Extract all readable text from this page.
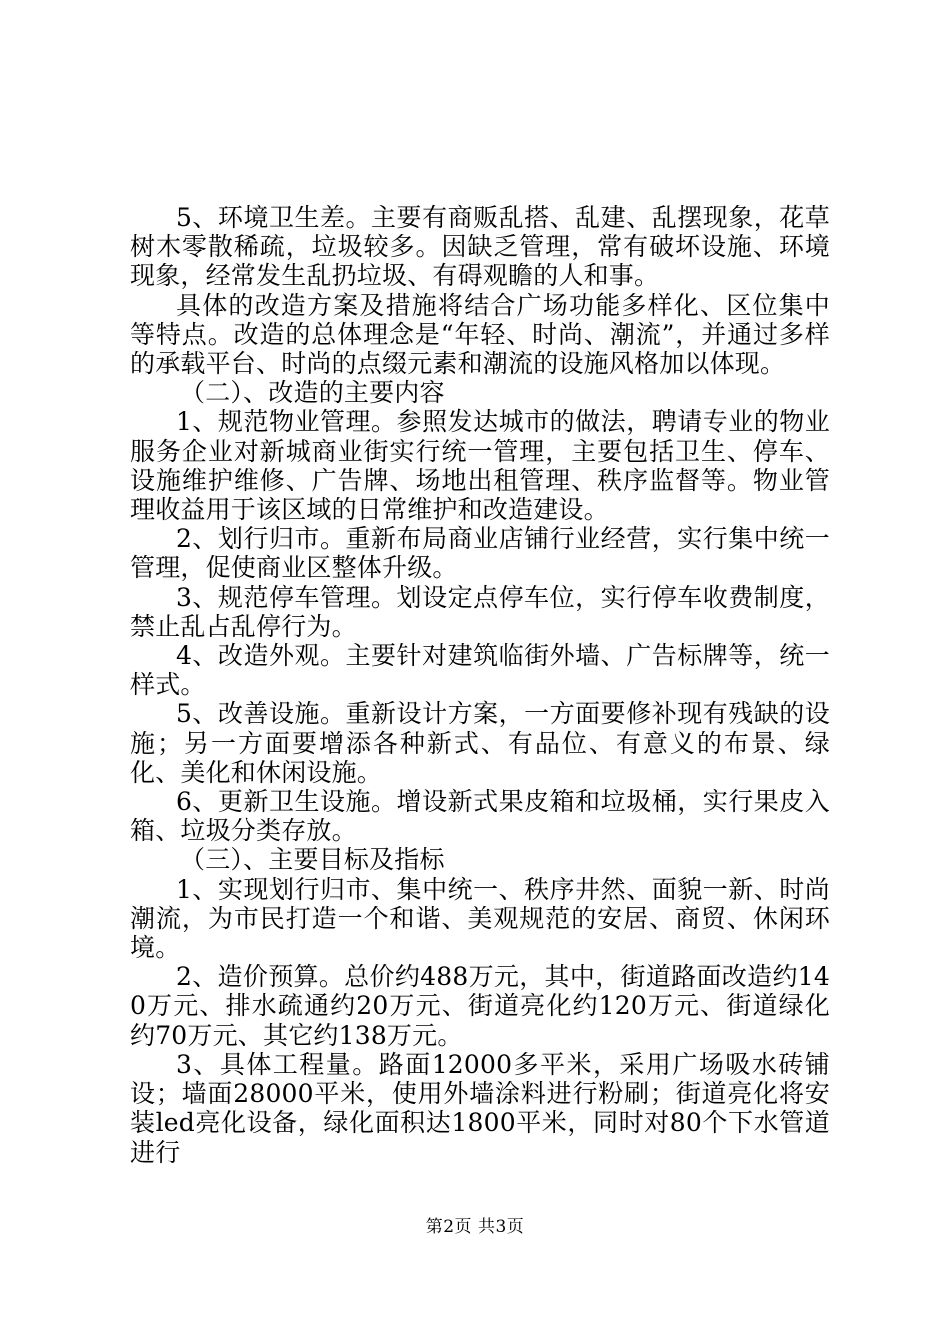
5、环境卫生差。主要有商贩乱搭、乱建、乱摆现象，花草树木零散稀疏，垃圾较多。因缺乏管理，常有破坏设施、环境现象，经常发生乱扔垃圾、有碍观瞻的人和事。

具体的改造方案及措施将结合广场功能多样化、区位集中等特点。改造的总体理念是“年轻、时尚、潮流”，并通过多样的承载平台、时尚的点缀元素和潮流的设施风格加以体现。

（二）、改造的主要内容

1、规范物业管理。参照发达城市的做法，聘请专业的物业服务企业对新城商业街实行统一管理，主要包括卫生、停车、设施维护维修、广告牌、场地出租管理、秩序监督等。物业管理收益用于该区域的日常维护和改造建设。

2、划行归市。重新布局商业店铺行业经营，实行集中统一管理，促使商业区整体升级。

3、规范停车管理。划设定点停车位，实行停车收费制度，禁止乱占乱停行为。

4、改造外观。主要针对建筑临街外墙、广告标牌等，统一样式。

5、改善设施。重新设计方案，一方面要修补现有残缺的设施；另一方面要增添各种新式、有品位、有意义的布景、绿化、美化和休闲设施。

6、更新卫生设施。增设新式果皮箱和垃圾桶，实行果皮入箱、垃圾分类存放。

（三）、主要目标及指标

1、实现划行归市、集中统一、秩序井然、面貌一新、时尚潮流，为市民打造一个和谐、美观规范的安居、商贸、休闲环境。

2、造价预算。总价约488万元，其中，街道路面改造约140万元、排水疏通约20万元、街道亮化约120万元、街道绿化约70万元、其它约138万元。

3、具体工程量。路面12000多平米，采用广场吸水砖铺设；墙面28000平米，使用外墙涂料进行粉刷；街道亮化将安装led亮化设备，绿化面积达1800平米，同时对80个下水管道进行

第2页 共3页
